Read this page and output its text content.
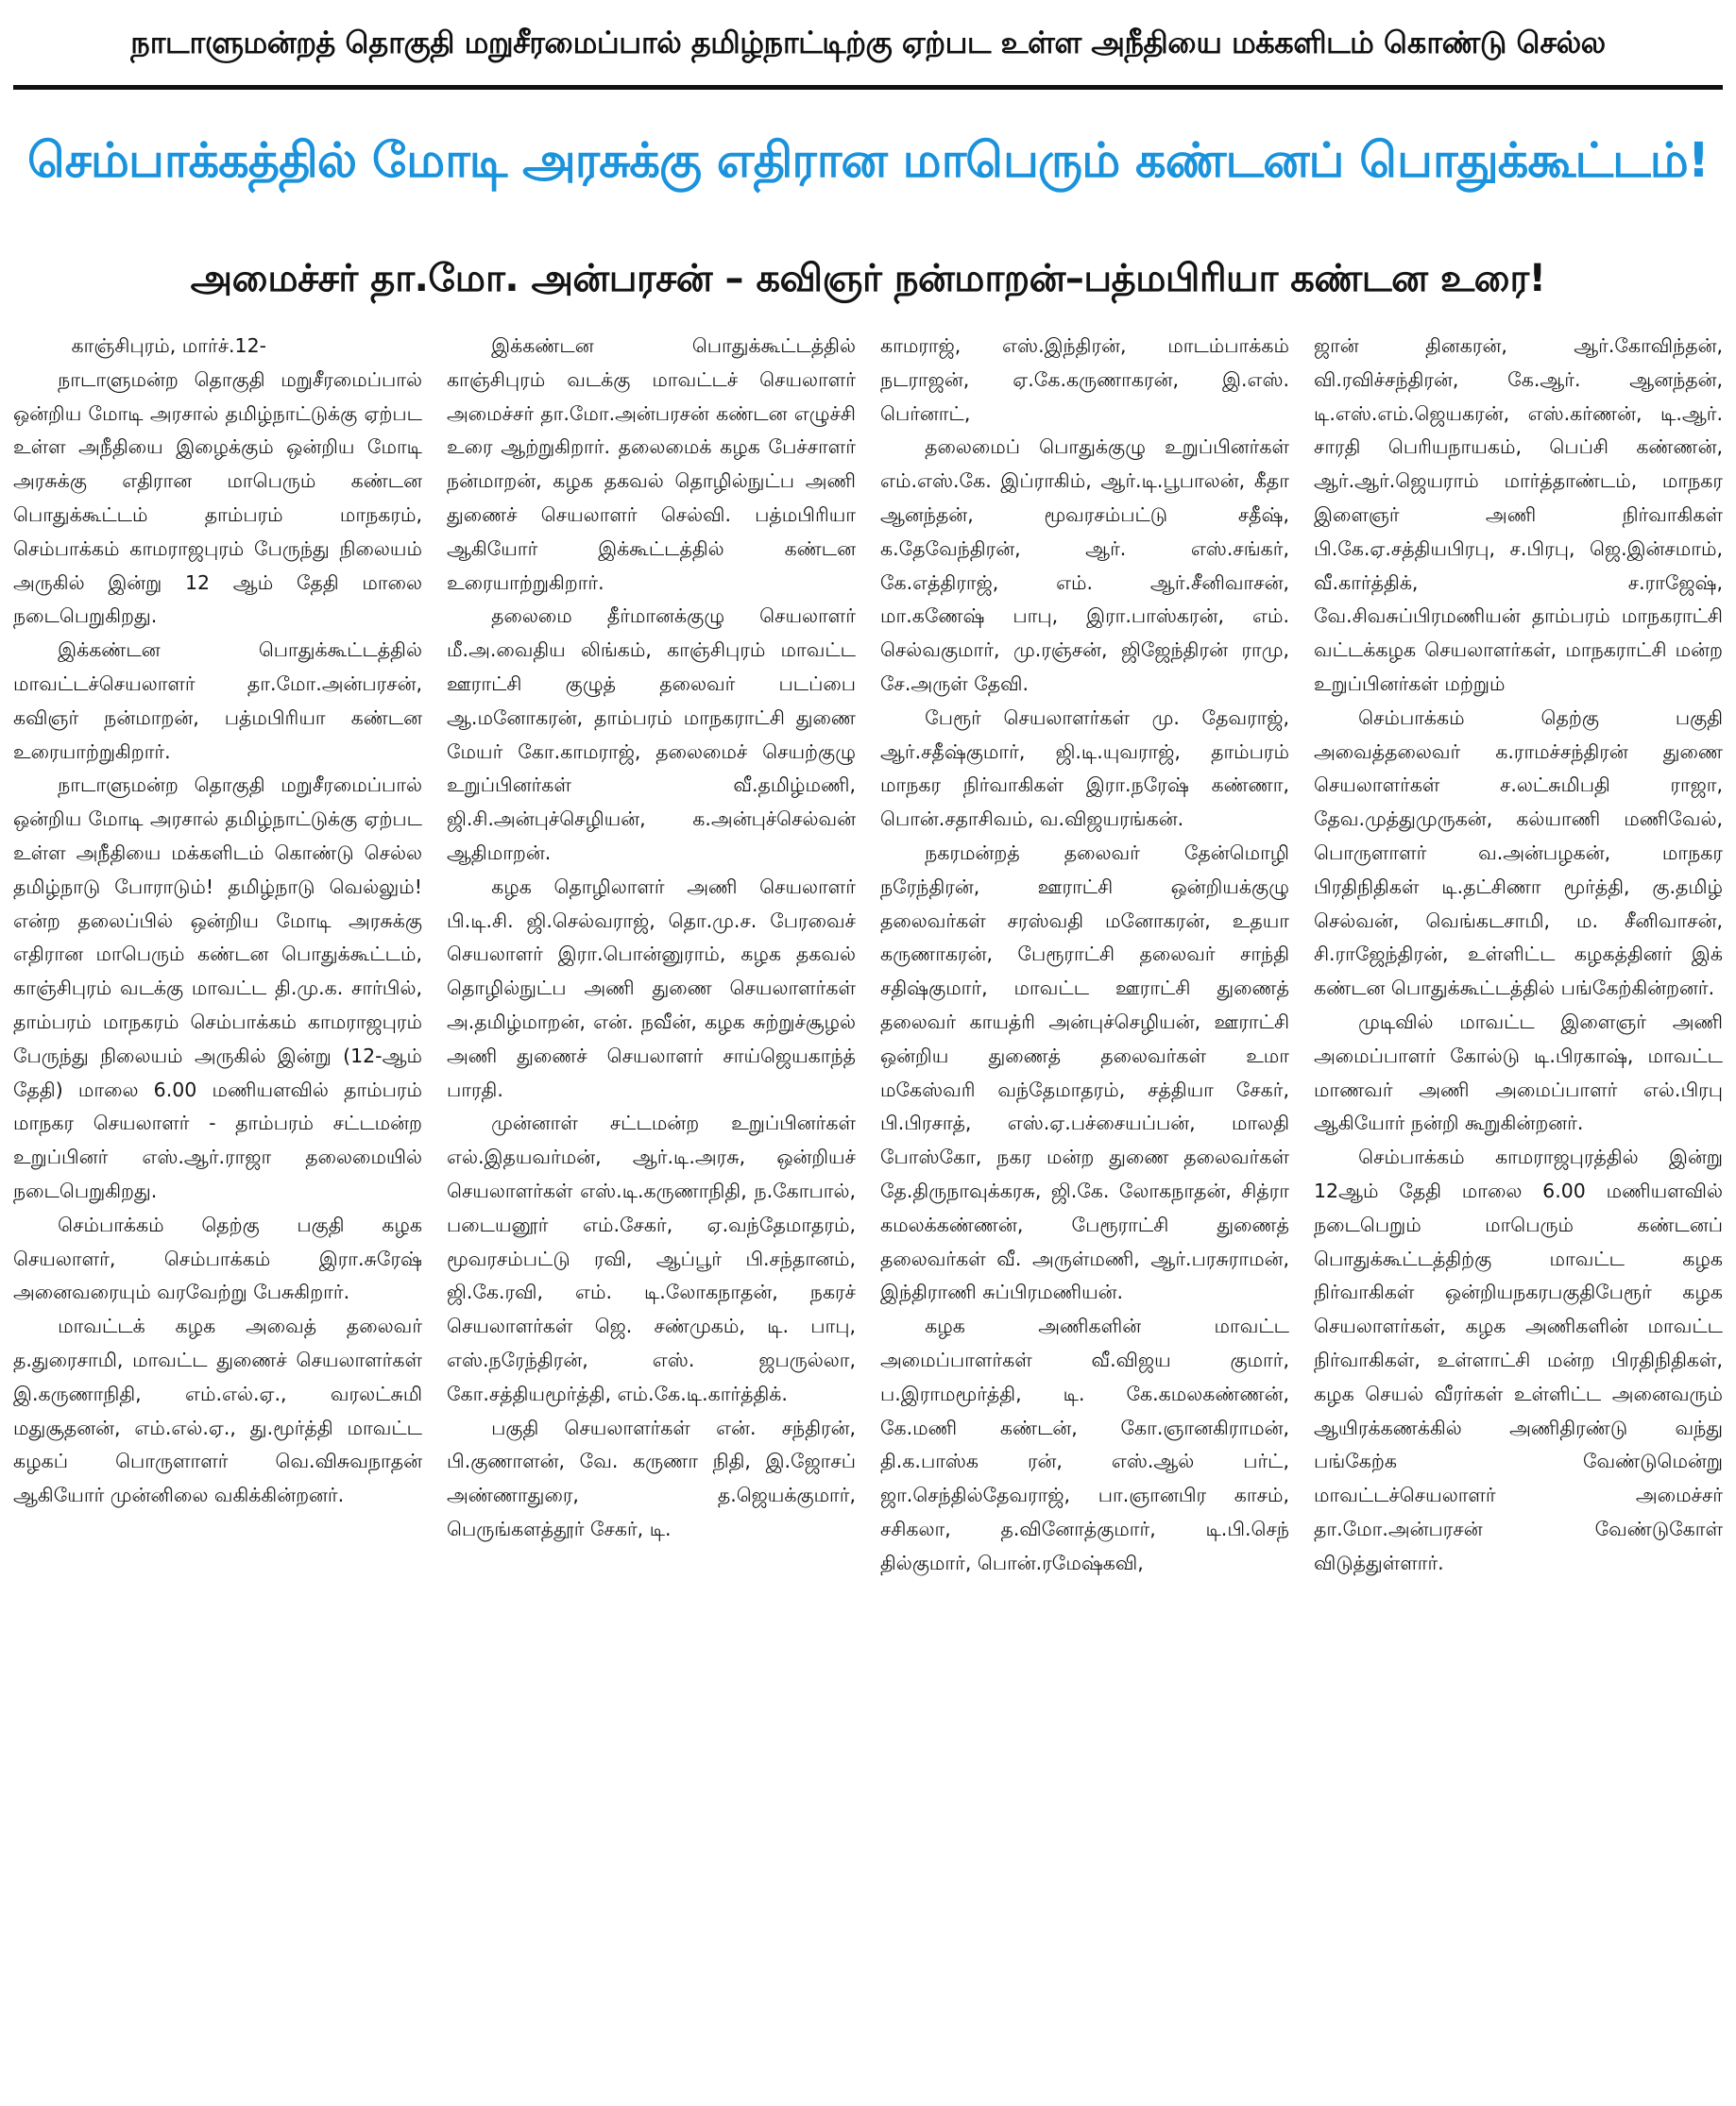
நாடாளுமன்றத் தொகுதி மறுசீரமைப்பால் தமிழ்நாட்டிற்கு ஏற்பட உள்ள அநீதியை மக்களிடம் கொண்டு செல்ல
செம்பாக்கத்தில் மோடி அரசுக்கு எதிரான மாபெரும் கண்டனப் பொதுக்கூட்டம்!
அமைச்சர் தா.மோ. அன்பரசன் – கவிஞர் நன்மாறன்–பத்மபிரியா கண்டன உரை!

காஞ்சிபுரம், மார்ச்.12-

நாடாளுமன்ற தொகுதி மறுசீரமைப்பால் ஒன்றிய மோடி அரசால் தமிழ்நாட்டுக்கு ஏற்பட உள்ள அநீதியை இழைக்கும் ஒன்றிய மோடி அரசுக்கு எதிரான மாபெரும் கண்டன பொதுக்கூட்டம் தாம்பரம் மாநகரம், செம்பாக்கம் காமராஜபுரம் பேருந்து நிலையம் அருகில் இன்று 12 ஆம் தேதி மாலை நடைபெறுகிறது.

இக்கண்டன பொதுக்கூட்டத்தில் மாவட்டச்செயலாளர் தா.மோ.அன்பரசன், கவிஞர் நன்மாறன், பத்மபிரியா கண்டன உரையாற்றுகிறார்.

நாடாளுமன்ற தொகுதி மறுசீரமைப்பால் ஒன்றிய மோடி அரசால் தமிழ்நாட்டுக்கு ஏற்பட உள்ள அநீதியை மக்களிடம் கொண்டு செல்ல தமிழ்நாடு போராடும்! தமிழ்நாடு வெல்லும்! என்ற தலைப்பில் ஒன்றிய மோடி அரசுக்கு எதிரான மாபெரும் கண்டன பொதுக்கூட்டம், காஞ்சிபுரம் வடக்கு மாவட்ட தி.மு.க. சார்பில், தாம்பரம் மாநகரம் செம்பாக்கம் காமராஜபுரம் பேருந்து நிலையம் அருகில் இன்று (12-ஆம் தேதி) மாலை 6.00 மணியளவில் தாம்பரம் மாநகர செயலாளர் - தாம்பரம் சட்டமன்ற உறுப்பினர் எஸ்.ஆர்.ராஜா தலைமையில் நடைபெறுகிறது.

செம்பாக்கம் தெற்கு பகுதி கழக செயலாளர், செம்பாக்கம் இரா.சுரேஷ் அனைவரையும் வரவேற்று பேசுகிறார்.

மாவட்டக் கழக அவைத் தலைவர் த.துரைசாமி, மாவட்ட துணைச் செயலாளர்கள் இ.கருணாநிதி, எம்.எல்.ஏ., வரலட்சுமி மதுசூதனன், எம்.எல்.ஏ., து.மூர்த்தி மாவட்ட கழகப் பொருளாளர் வெ.விசுவநாதன் ஆகியோர் முன்னிலை வகிக்கின்றனர்.

இக்கண்டன பொதுக்கூட்டத்தில் காஞ்சிபுரம் வடக்கு மாவட்டச் செயலாளர் அமைச்சர் தா.மோ.அன்பரசன் கண்டன எழுச்சி உரை ஆற்றுகிறார். தலைமைக் கழக பேச்சாளர் நன்மாறன், கழக தகவல் தொழில்நுட்ப அணி துணைச் செயலாளர் செல்வி. பத்மபிரியா ஆகியோர் இக்கூட்டத்தில் கண்டன உரையாற்றுகிறார்.

தலைமை தீர்மானக்குழு செயலாளர் மீ.அ.வைதிய லிங்கம், காஞ்சிபுரம் மாவட்ட ஊராட்சி குழுத் தலைவர் படப்பை ஆ.மனோகரன், தாம்பரம் மாநகராட்சி துணை மேயர் கோ.காமராஜ், தலைமைச் செயற்குழு உறுப்பினர்கள் வீ.தமிழ்மணி, ஜி.சி.அன்புச்செழியன், க.அன்புச்செல்வன் ஆதிமாறன்.

கழக தொழிலாளர் அணி செயலாளர் பி.டி.சி. ஜி.செல்வராஜ், தொ.மு.ச. பேரவைச் செயலாளர் இரா.பொன்னுராம், கழக தகவல் தொழில்நுட்ப அணி துணை செயலாளர்கள் அ.தமிழ்மாறன், என். நவீன், கழக சுற்றுச்சூழல் அணி துணைச் செயலாளர் சாய்ஜெயகாந்த் பாரதி.

முன்னாள் சட்டமன்ற உறுப்பினர்கள் எல்.இதயவர்மன், ஆர்.டி.அரசு, ஒன்றியச் செயலாளர்கள் எஸ்.டி.கருணாநிதி, ந.கோபால், படையனூர் எம்.சேகர், ஏ.வந்தேமாதரம், மூவரசம்பட்டு ரவி, ஆப்பூர் பி.சந்தானம், ஜி.கே.ரவி, எம். டி.லோகநாதன், நகரச் செயலாளர்கள் ஜெ. சண்முகம், டி. பாபு, எஸ்.நரேந்திரன், எஸ். ஜபருல்லா, கோ.சத்தியமூர்த்தி, எம்.கே.டி.கார்த்திக்.

பகுதி செயலாளர்கள் என். சந்திரன், பி.குணாளன், வே. கருணா நிதி, இ.ஜோசப் அண்ணாதுரை, த.ஜெயக்குமார், பெருங்களத்தூர் சேகர், டி.

காமராஜ், எஸ்.இந்திரன், மாடம்பாக்கம் நடராஜன், ஏ.கே.கருணாகரன், இ.எஸ். பெர்னாட்,

தலைமைப் பொதுக்குழு உறுப்பினர்கள் எம்.எஸ்.கே. இப்ராகிம், ஆர்.டி.பூபாலன், கீதா ஆனந்தன், மூவரசம்பட்டு சதீஷ், க.தேவேந்திரன், ஆர். எஸ்.சங்கர், கே.எத்திராஜ், எம். ஆர்.சீனிவாசன், மா.கணேஷ் பாபு, இரா.பாஸ்கரன், எம். செல்வகுமார், மு.ரஞ்சன், ஜிஜேந்திரன் ராமு, சே.அருள் தேவி.

பேரூர் செயலாளர்கள் மு. தேவராஜ், ஆர்.சதீஷ்குமார், ஜி.டி.யுவராஜ், தாம்பரம் மாநகர நிர்வாகிகள் இரா.நரேஷ் கண்ணா, பொன்.சதாசிவம், வ.விஜயரங்கன்.

நகரமன்றத் தலைவர் தேன்மொழி நரேந்திரன், ஊராட்சி ஒன்றியக்குழு தலைவர்கள் சரஸ்வதி மனோகரன், உதயா கருணாகரன், பேரூராட்சி தலைவர் சாந்தி சதிஷ்குமார், மாவட்ட ஊராட்சி துணைத் தலைவர் காயத்ரி அன்புச்செழியன், ஊராட்சி ஒன்றிய துணைத் தலைவர்கள் உமா மகேஸ்வரி வந்தேமாதரம், சத்தியா சேகர், பி.பிரசாத், எஸ்.ஏ.பச்சையப்பன், மாலதி போஸ்கோ, நகர மன்ற துணை தலைவர்கள் தே.திருநாவுக்கரசு, ஜி.கே. லோகநாதன், சித்ரா கமலக்கண்ணன், பேரூராட்சி துணைத் தலைவர்கள் வீ. அருள்மணி, ஆர்.பரசுராமன், இந்திராணி சுப்பிரமணியன்.

கழக அணிகளின் மாவட்ட அமைப்பாளர்கள் வீ.விஜய குமார், ப.இராமமூர்த்தி, டி. கே.கமலகண்ணன், கே.மணி கண்டன், கோ.ஞானகிராமன், தி.க.பாஸ்க ரன், எஸ்.ஆல் பர்ட், ஜா.செந்தில்தேவராஜ், பா.ஞானபிர காசம், சசிகலா, த.வினோத்குமார், டி.பி.செந் தில்குமார், பொன்.ரமேஷ்கவி,

ஜான் தினகரன், ஆர்.கோவிந்தன், வி.ரவிச்சந்திரன், கே.ஆர். ஆனந்தன், டி.எஸ்.எம்.ஜெயகரன், எஸ்.கர்ணன், டி.ஆர். சாரதி பெரியநாயகம், பெப்சி கண்ணன், ஆர்.ஆர்.ஜெயராம் மார்த்தாண்டம், மாநகர இளைஞர் அணி நிர்வாகிகள் பி.கே.ஏ.சத்தியபிரபு, ச.பிரபு, ஜெ.இன்சமாம், வீ.கார்த்திக், ச.ராஜேஷ், வே.சிவசுப்பிரமணியன் தாம்பரம் மாநகராட்சி வட்டக்கழக செயலாளர்கள், மாநகராட்சி மன்ற உறுப்பினர்கள் மற்றும்

செம்பாக்கம் தெற்கு பகுதி அவைத்தலைவர் க.ராமச்சந்திரன் துணை செயலாளர்கள் ச.லட்சுமிபதி ராஜா, தேவ.முத்துமுருகன், கல்யாணி மணிவேல், பொருளாளர் வ.அன்பழகன், மாநகர பிரதிநிதிகள் டி.தட்சிணா மூர்த்தி, கு.தமிழ் செல்வன், வெங்கடசாமி, ம. சீனிவாசன், சி.ராஜேந்திரன், உள்ளிட்ட கழகத்தினர் இக் கண்டன பொதுக்கூட்டத்தில் பங்கேற்கின்றனர்.

முடிவில் மாவட்ட இளைஞர் அணி அமைப்பாளர் கோல்டு டி.பிரகாஷ், மாவட்ட மாணவர் அணி அமைப்பாளர் எல்.பிரபு ஆகியோர் நன்றி கூறுகின்றனர்.

செம்பாக்கம் காமராஜபுரத்தில் இன்று 12ஆம் தேதி மாலை 6.00 மணியளவில் நடைபெறும் மாபெரும் கண்டனப் பொதுக்கூட்டத்திற்கு மாவட்ட கழக நிர்வாகிகள் ஒன்றியநகரபகுதிபேரூர் கழக செயலாளர்கள், கழக அணிகளின் மாவட்ட நிர்வாகிகள், உள்ளாட்சி மன்ற பிரதிநிதிகள், கழக செயல் வீரர்கள் உள்ளிட்ட அனைவரும் ஆயிரக்கணக்கில் அணிதிரண்டு வந்து பங்கேற்க வேண்டுமென்று மாவட்டச்செயலாளர் அமைச்சர் தா.மோ.அன்பரசன் வேண்டுகோள் விடுத்துள்ளார்.
